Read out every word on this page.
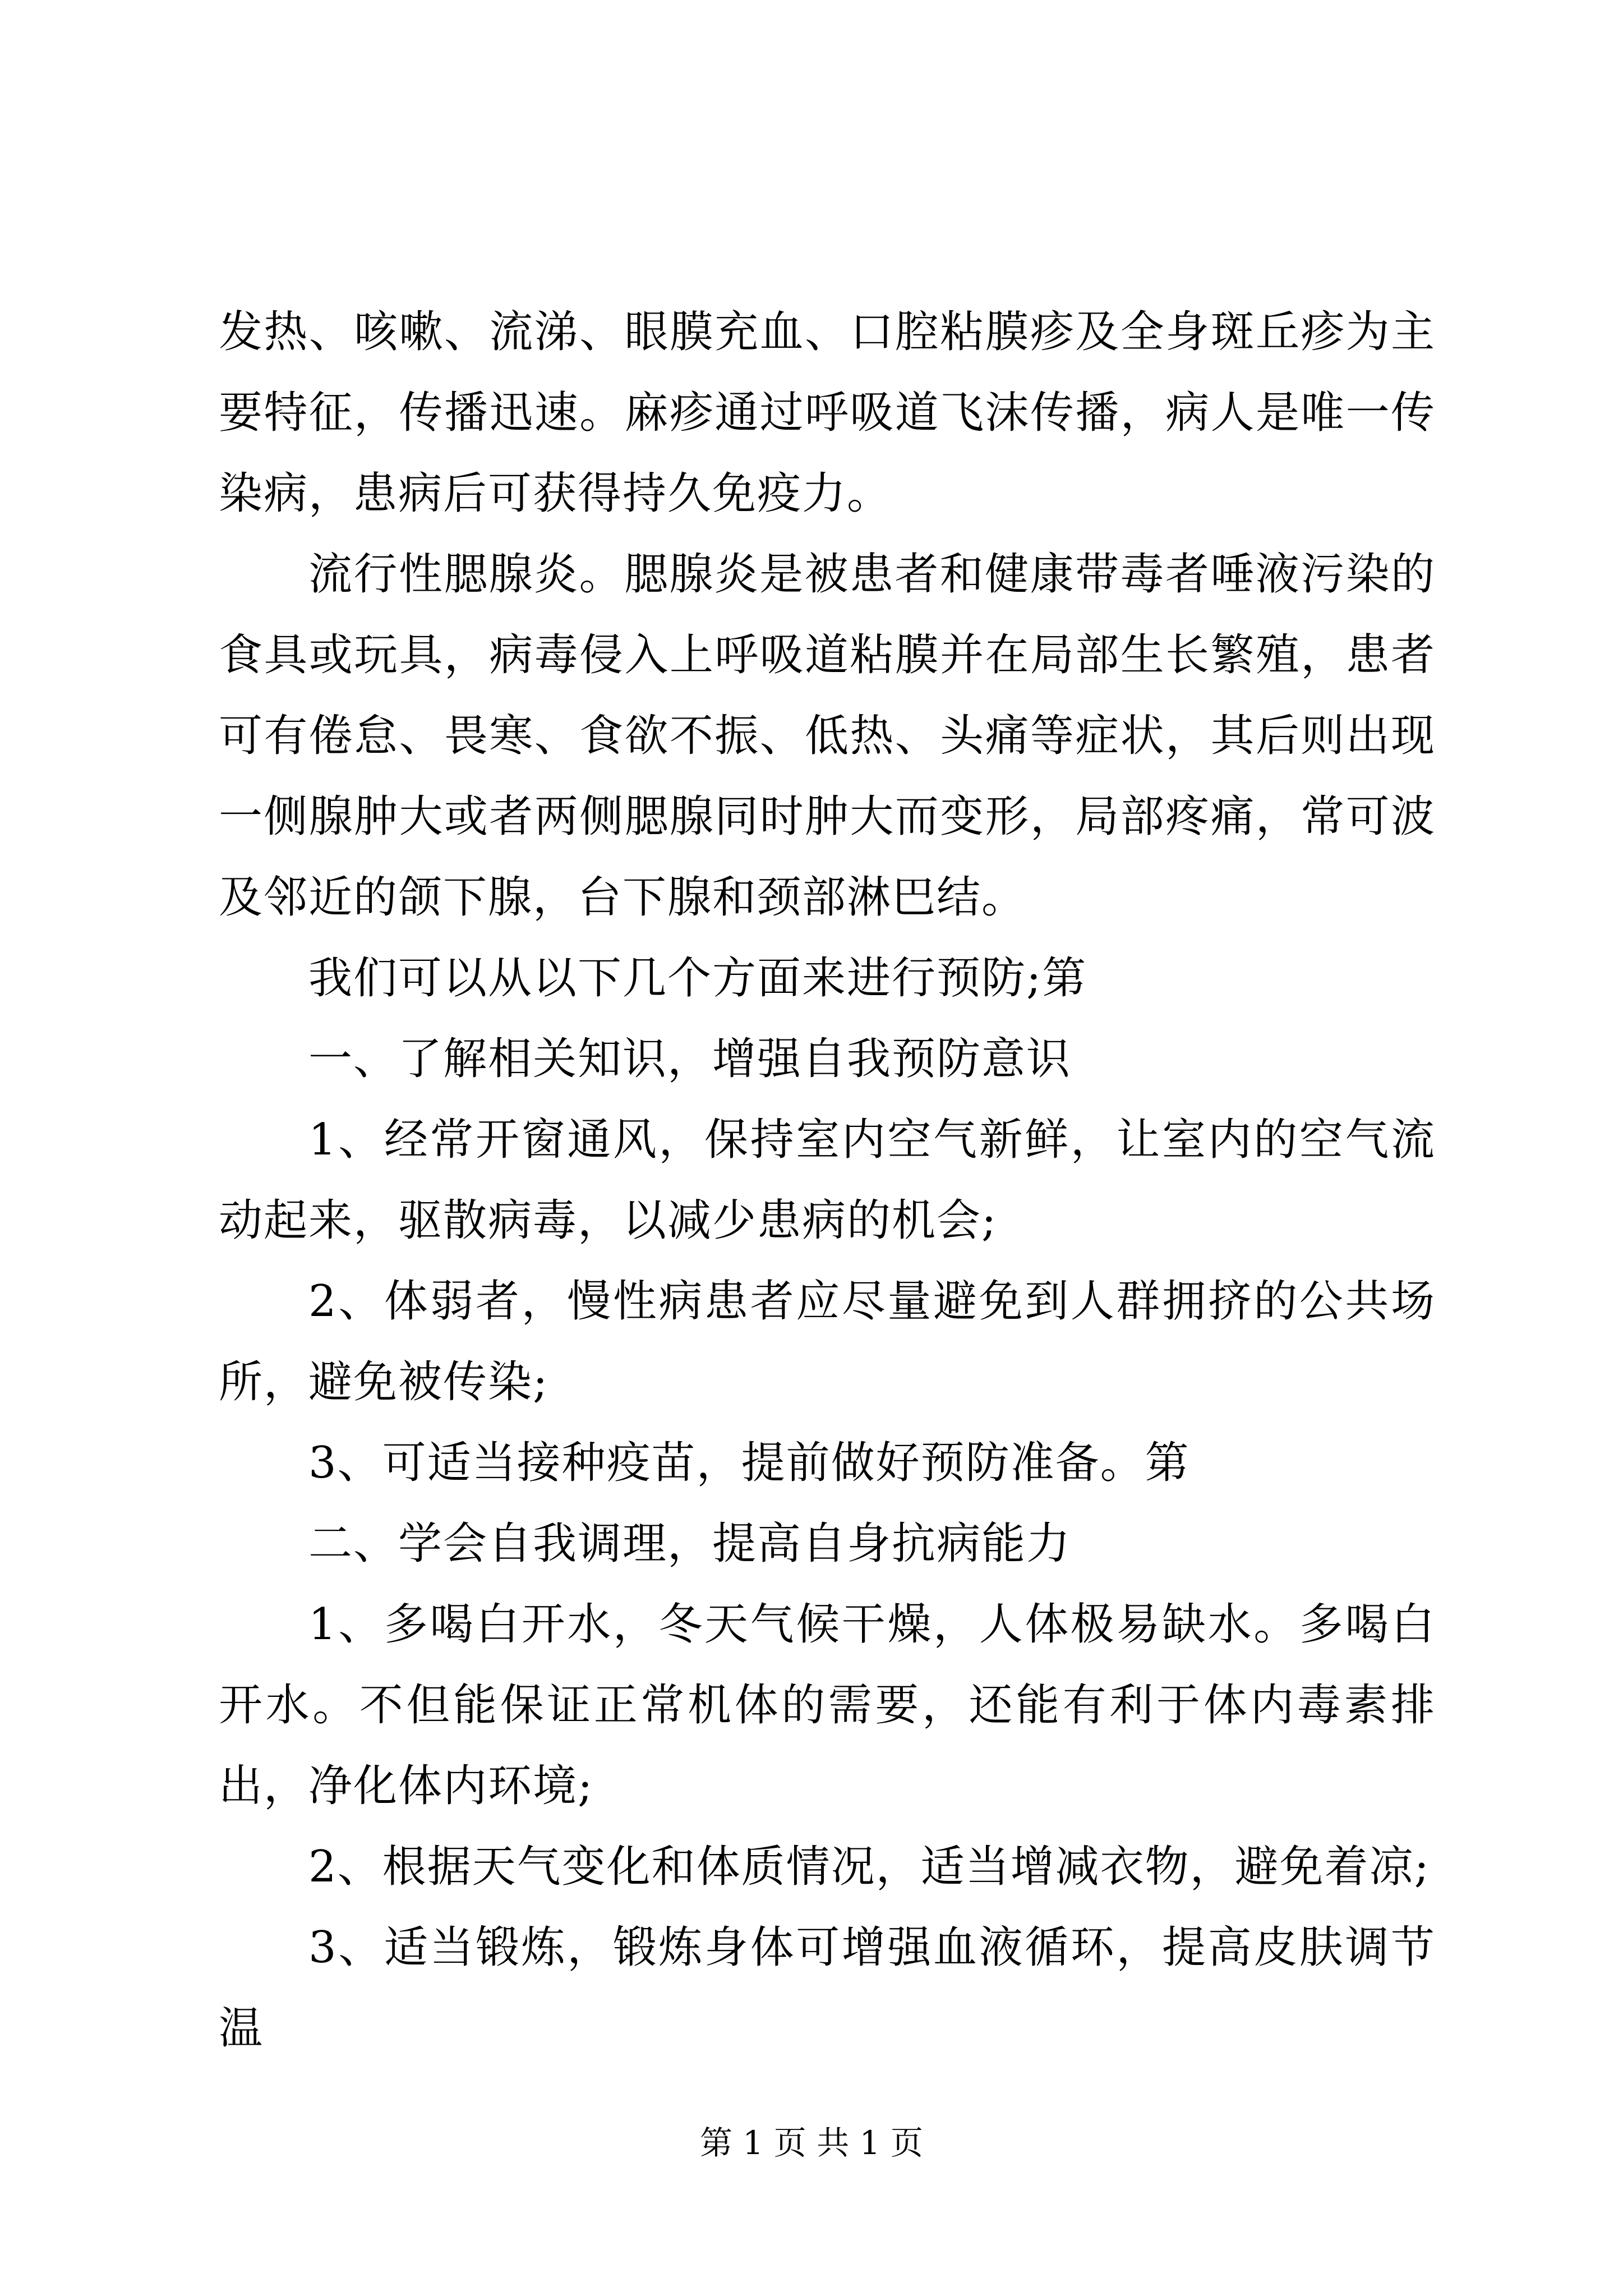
发热、咳嗽、流涕、眼膜充血、口腔粘膜疹及全身斑丘疹为主要特征，传播迅速。麻疹通过呼吸道飞沫传播，病人是唯一传染病，患病后可获得持久免疫力。

流行性腮腺炎。腮腺炎是被患者和健康带毒者唾液污染的食具或玩具，病毒侵入上呼吸道粘膜并在局部生长繁殖，患者可有倦怠、畏寒、食欲不振、低热、头痛等症状，其后则出现一侧腺肿大或者两侧腮腺同时肿大而变形，局部疼痛，常可波及邻近的颌下腺，台下腺和颈部淋巴结。

我们可以从以下几个方面来进行预防;第

一、了解相关知识，增强自我预防意识

1、经常开窗通风，保持室内空气新鲜，让室内的空气流动起来，驱散病毒，以减少患病的机会;

2、体弱者，慢性病患者应尽量避免到人群拥挤的公共场所，避免被传染;

3、可适当接种疫苗，提前做好预防准备。第

二、学会自我调理，提高自身抗病能力

1、多喝白开水，冬天气候干燥，人体极易缺水。多喝白开水。不但能保证正常机体的需要，还能有利于体内毒素排出，净化体内环境;

2、根据天气变化和体质情况，适当增减衣物，避免着凉;

3、适当锻炼，锻炼身体可增强血液循环，提高皮肤调节温

第 1 页 共 1 页
